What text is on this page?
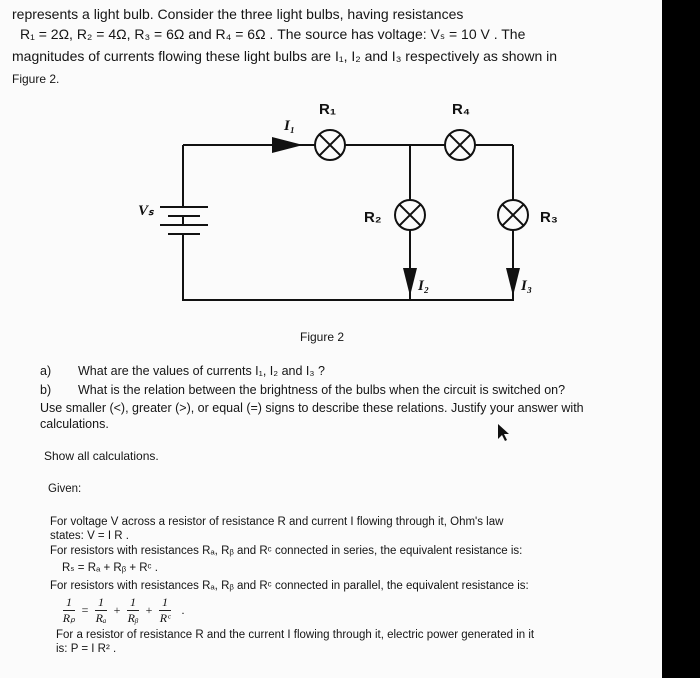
represents a light bulb. Consider the three light bulbs, having resistances
R₁ = 2Ω, R₂ = 4Ω, R₃ = 6Ω and R₄ = 6Ω . The source has voltage: Vₛ = 10 V . The
magnitudes of currents flowing these light bulbs are I₁, I₂ and I₃ respectively as shown in
Figure 2.
R₁	R₄
R₂	R₃
Vₛ
I₁
I₂	I₃
Figure 2
a) What are the values of currents I₁, I₂ and I₃ ?
b) What is the relation between the brightness of the bulbs when the circuit is switched on?
Use smaller (<), greater (>), or equal (=) signs to describe these relations. Justify your answer with
calculations.
Show all calculations.
Given:
For voltage V across a resistor of resistance R and current I flowing through it, Ohm's law
states: V = I R .
For resistors with resistances Rₐ, Rᵦ and Rᶜ connected in series, the equivalent resistance is:
Rₛ = Rₐ + Rᵦ + Rᶜ .
For resistors with resistances Rₐ, Rᵦ and Rᶜ connected in parallel, the equivalent resistance is:
1
Rₚ
=
1
Rₐ
+
1
Rᵦ
+
1
Rᶜ
.
For a resistor of resistance R and the current I flowing through it, electric power generated in it
is: P = I R² .
